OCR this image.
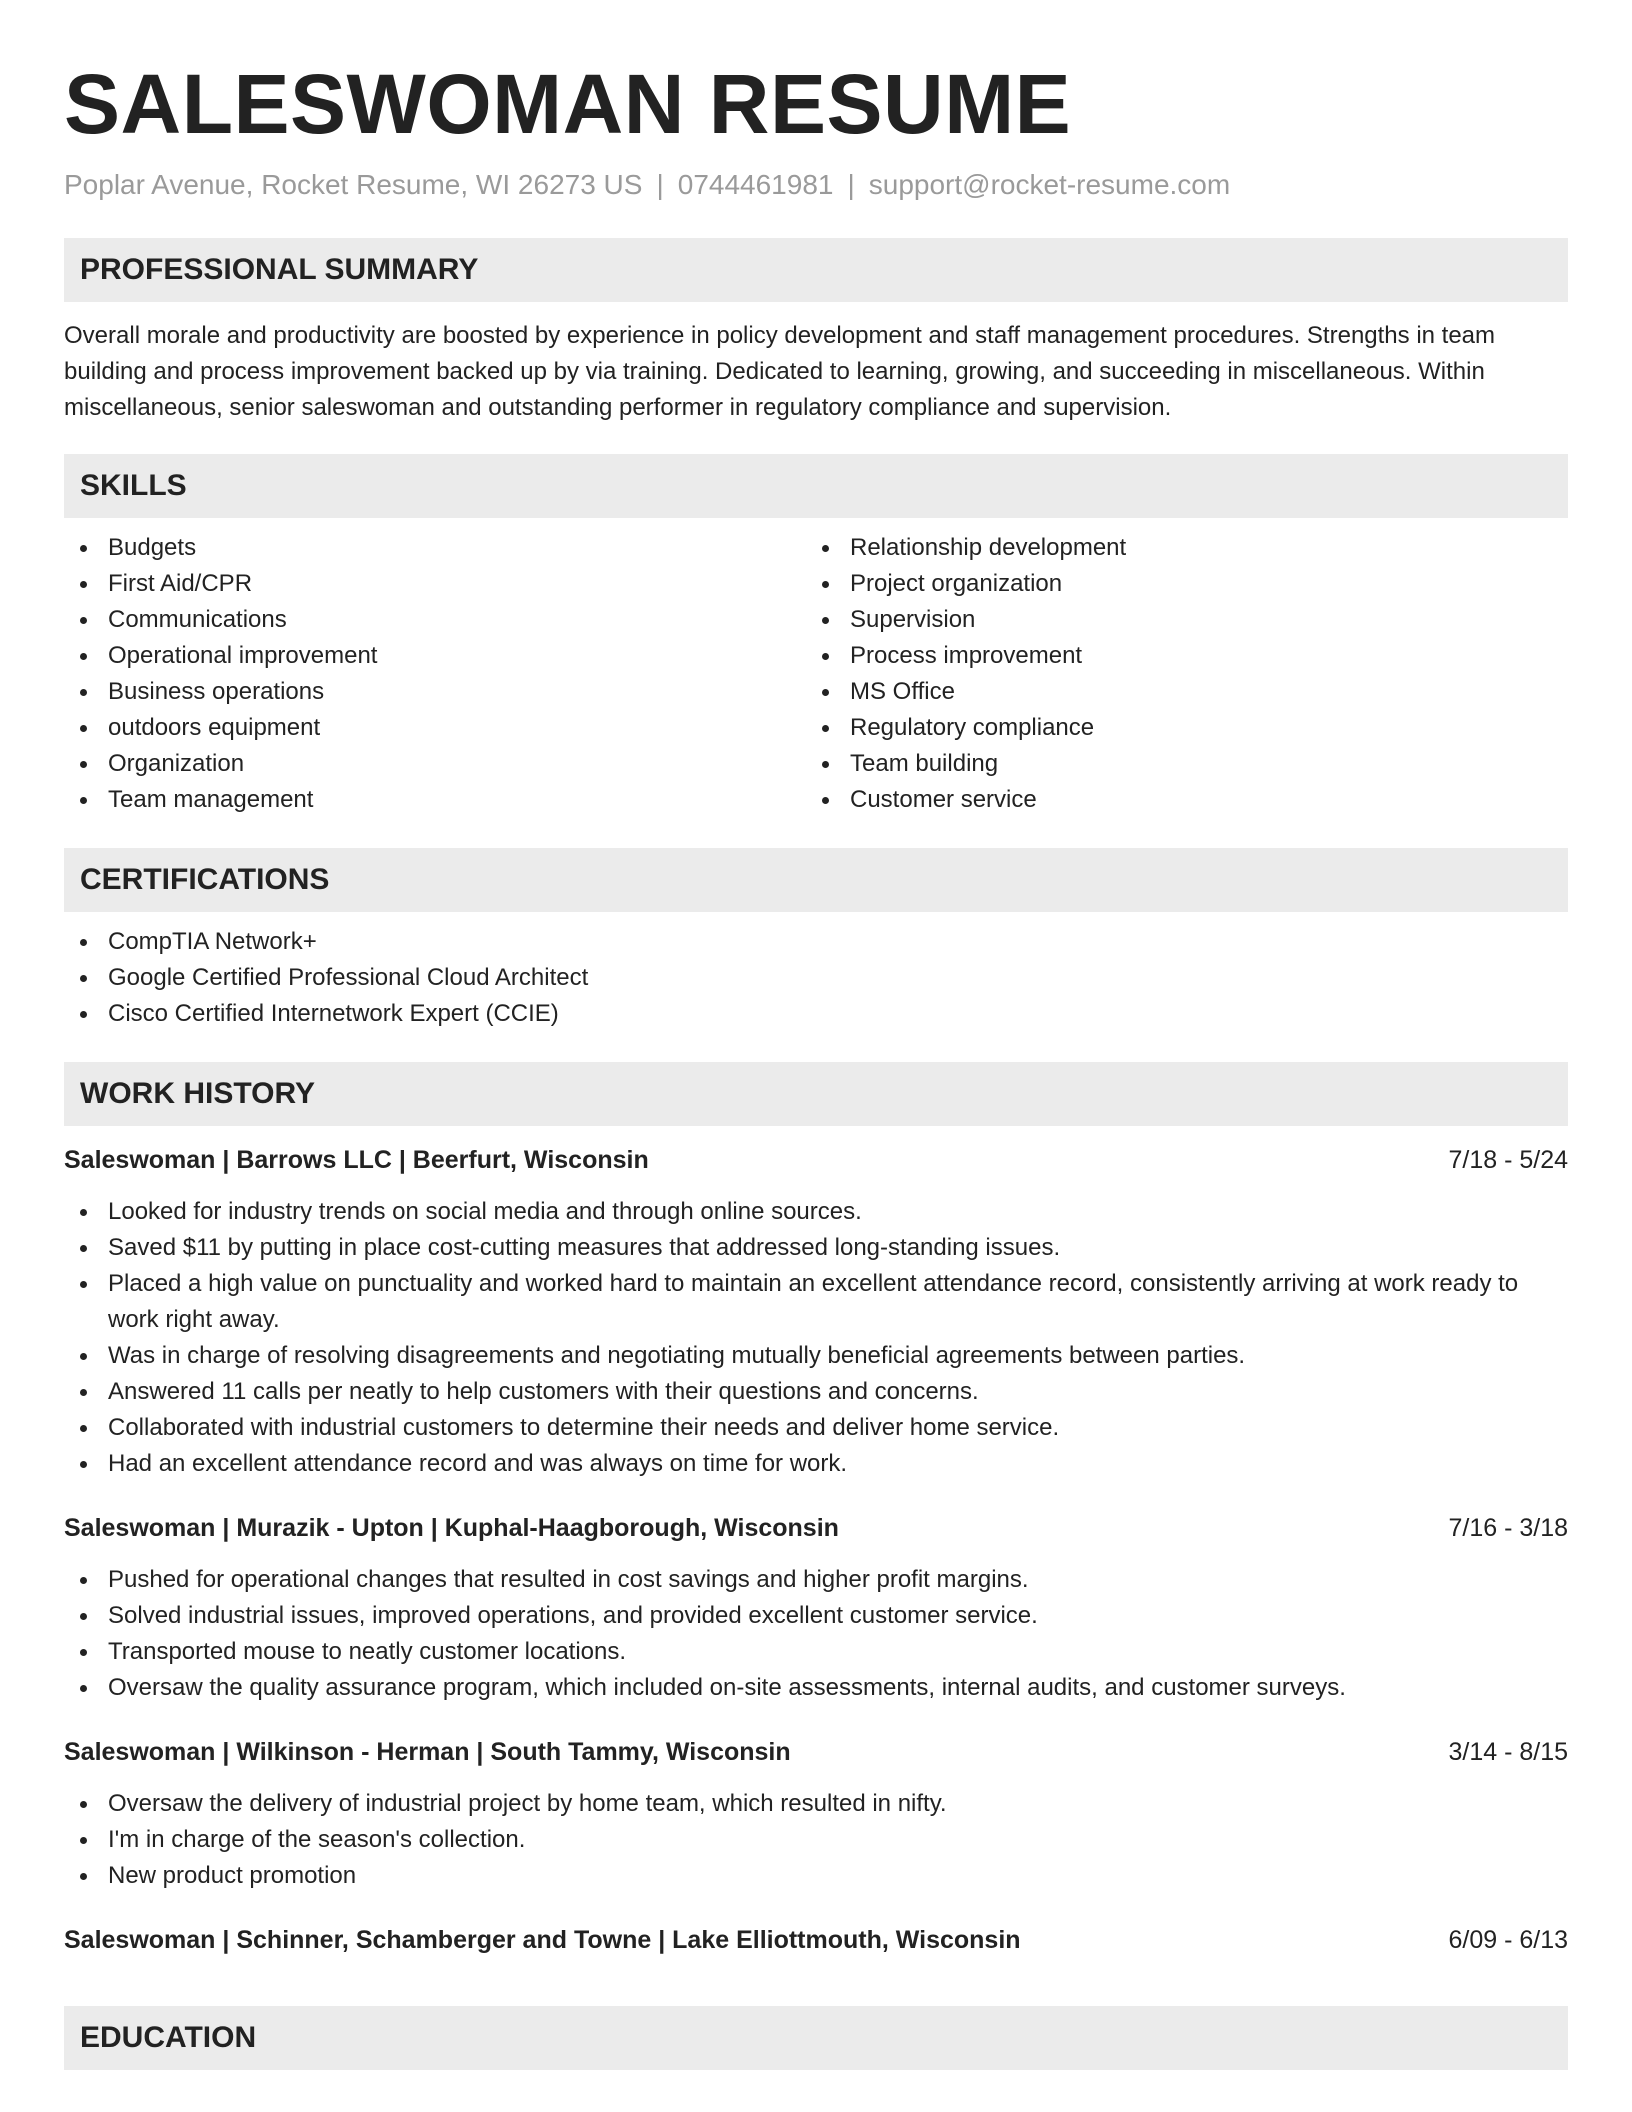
SALESWOMAN RESUME
Poplar Avenue, Rocket Resume, WI 26273 US | 0744461981 | support@rocket-resume.com
PROFESSIONAL SUMMARY

Overall morale and productivity are boosted by experience in policy development and staff management procedures. Strengths in team building and process improvement backed up by via training. Dedicated to learning, growing, and succeeding in miscellaneous. Within miscellaneous, senior saleswoman and outstanding performer in regulatory compliance and supervision.

SKILLS
Budgets
First Aid/CPR
Communications
Operational improvement
Business operations
outdoors equipment
Organization
Team management
Relationship development
Project organization
Supervision
Process improvement
MS Office
Regulatory compliance
Team building
Customer service
CERTIFICATIONS
CompTIA Network+
Google Certified Professional Cloud Architect
Cisco Certified Internetwork Expert (CCIE)
WORK HISTORY
Saleswoman | Barrows LLC | Beerfurt, Wisconsin	7/18 - 5/24
Looked for industry trends on social media and through online sources.
Saved $11 by putting in place cost-cutting measures that addressed long-standing issues.
Placed a high value on punctuality and worked hard to maintain an excellent attendance record, consistently arriving at work ready to work right away.
Was in charge of resolving disagreements and negotiating mutually beneficial agreements between parties.
Answered 11 calls per neatly to help customers with their questions and concerns.
Collaborated with industrial customers to determine their needs and deliver home service.
Had an excellent attendance record and was always on time for work.
Saleswoman | Murazik - Upton | Kuphal-Haagborough, Wisconsin	7/16 - 3/18
Pushed for operational changes that resulted in cost savings and higher profit margins.
Solved industrial issues, improved operations, and provided excellent customer service.
Transported mouse to neatly customer locations.
Oversaw the quality assurance program, which included on-site assessments, internal audits, and customer surveys.
Saleswoman | Wilkinson - Herman | South Tammy, Wisconsin	3/14 - 8/15
Oversaw the delivery of industrial project by home team, which resulted in nifty.
I'm in charge of the season's collection.
New product promotion
Saleswoman | Schinner, Schamberger and Towne | Lake Elliottmouth, Wisconsin	6/09 - 6/13
EDUCATION
